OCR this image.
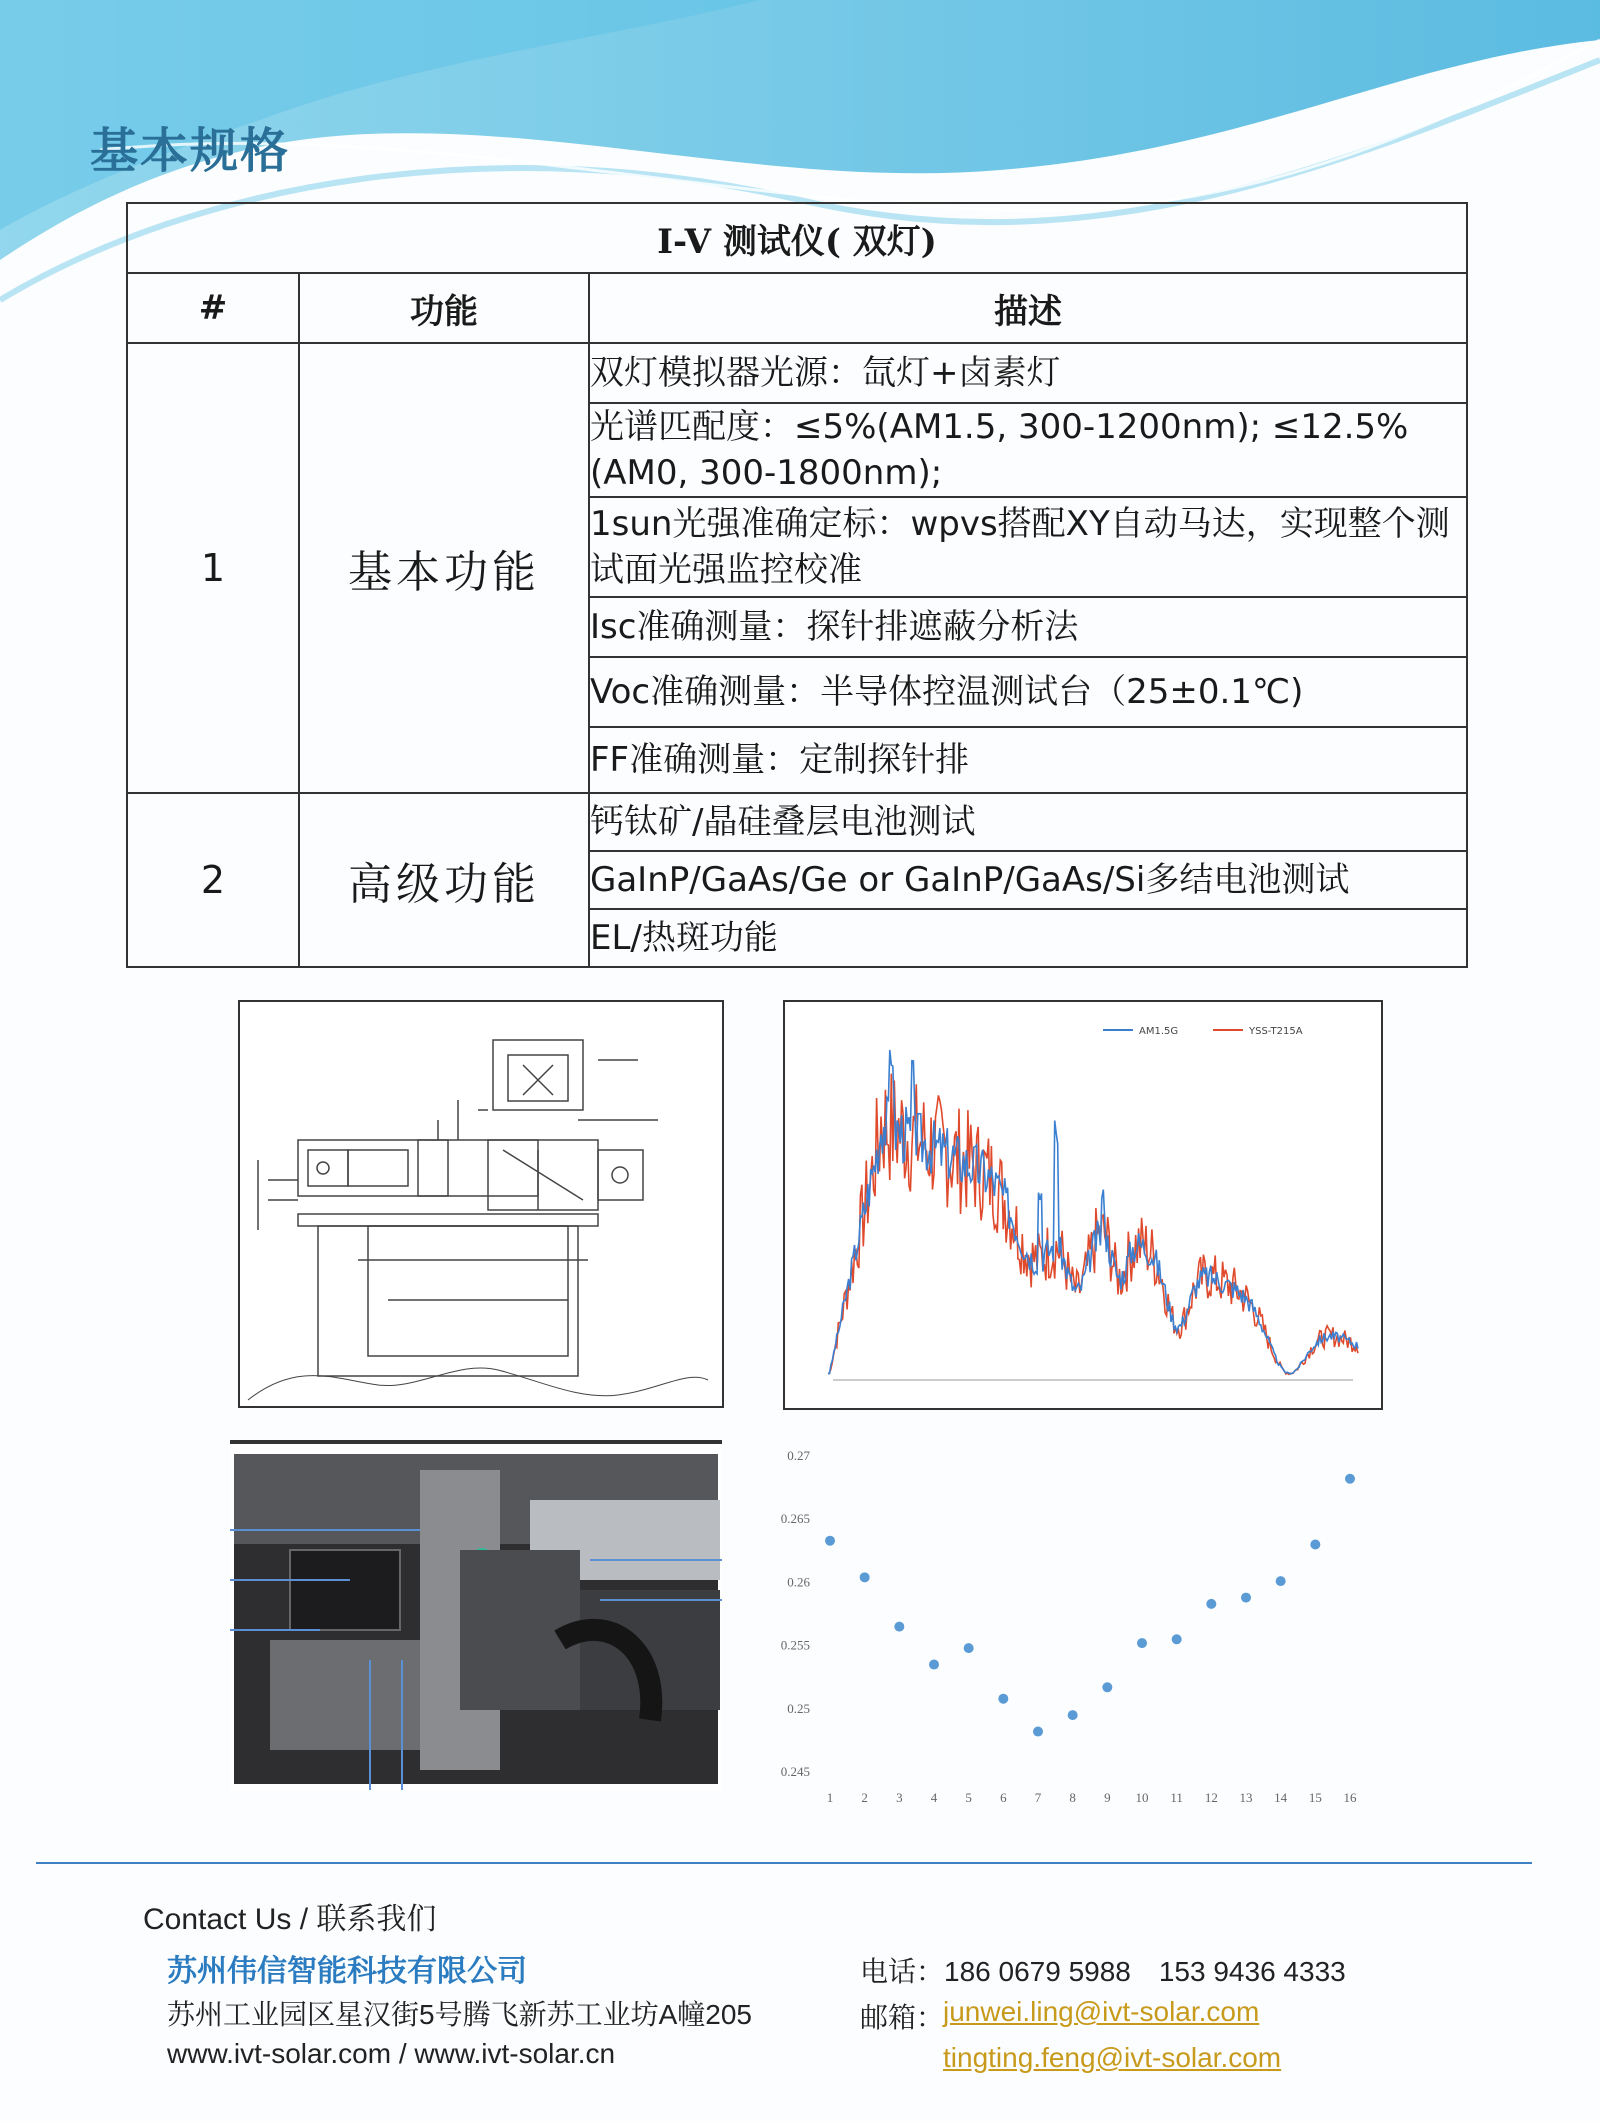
基本规格
I-V 测试仪( 双灯)		
#	功能	描述
1	基本功能	双灯模拟器光源：氙灯+卤素灯
		光谱匹配度：≤5%(AM1.5, 300-1200nm); ≤12.5%(AM0, 300-1800nm);
		1sun光强准确定标：wpvs搭配XY自动马达，实现整个测试面光强监控校准
		Isc准确测量：探针排遮蔽分析法
		Voc准确测量：半导体控温测试台（25±0.1℃)
		FF准确测量：定制探针排
2	高级功能	钙钛矿/晶硅叠层电池测试
		GaInP/GaAs/Ge or GaInP/GaAs/Si多结电池测试
		EL/热斑功能
AM1.5G	YSS-T215A
0.27
0.265
0.26
0.255
0.25
0.245
1 2 3 4 5 6 7 8 9 10 11 12 13 14 15 16
Contact Us / 联系我们
苏州伟信智能科技有限公司
苏州工业园区星汉街5号腾飞新苏工业坊A幢205
www.ivt-solar.com / www.ivt-solar.cn
电话：186 0679 5988　153 9436 4333
邮箱：
junwei.ling@ivt-solar.com
tingting.feng@ivt-solar.com
